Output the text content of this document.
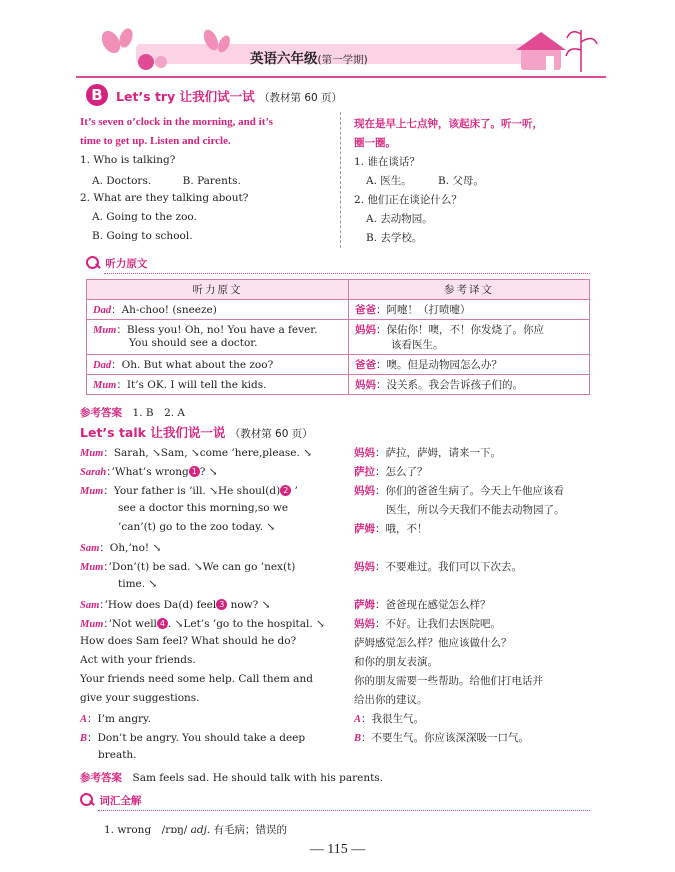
英语六年级(第一学期)
B	Let’s try 让我们试一试 （教材第 60 页）
It’s seven o’clock in the morning, and it’s
time to get up. Listen and circle.
1. Who is talking?
A. Doctors.　　　	B. Parents.
2. What are they talking about?
A. Going to the zoo.
B. Going to school.
现在是早上七点钟，该起床了。听一听，
圈一圈。
1. 谁在谈话？
A. 医生。　　　	B. 父母。
2. 他们正在谈论什么？
A. 去动物园。
B. 去学校。
听力原文
听力原文	参考译文
Dad：Ah-choo! (sneeze)	爸爸：阿嚏！（打喷嚏）
Mum：Bless you! Oh, no! You have a fever.
You should see a doctor.	妈妈：保佑你！噢，不！你发烧了。你应
该看医生。

Dad：Oh. But what about the zoo?	爸爸：噢。但是动物园怎么办？
Mum：It’s OK. I will tell the kids.	妈妈：没关系。我会告诉孩子们的。
参考答案　 1. B　2. A
Let’s talk 让我们说一说 （教材第 60 页）
Mum：Sarah, ↘Sam, ↘come ’here,please. ↘
Sarah：’What’s wrong 1 ? ↘
Mum：Your father is ’ill. ↘He shoul(d) 2 ’
see a doctor this morning,so we
’can’(t) go to the zoo today. ↘
Sam：Oh,’no! ↘
Mum：’Don’(t) be sad. ↘We can go ’nex(t)
time. ↘
Sam：’How does Da(d) feel 3 now? ↘
Mum：’Not well 4 . ↘Let’s ’go to the hospital. ↘
How does Sam feel? What should he do?
Act with your friends.
Your friends need some help. Call them and
give your suggestions.
A：I’m angry.
B：Don’t be angry. You should take a deep
breath.
妈妈：萨拉，萨姆，请来一下。
萨拉：怎么了？
妈妈：你们的爸爸生病了。今天上午他应该看
医生，所以今天我们不能去动物园了。
萨姆：哦，不！
妈妈：不要难过。我们可以下次去。
萨姆：爸爸现在感觉怎么样？
妈妈：不好。让我们去医院吧。
萨姆感觉怎么样？他应该做什么？
和你的朋友表演。
你的朋友需要一些帮助。给他们打电话并
给出你的建议。
A：我很生气。
B：不要生气。你应该深深吸一口气。
参考答案　 Sam feels sad. He should talk with his parents.
词汇全解
1. wrong　/rɒŋ/ adj. 有毛病；错误的
— 115 —
